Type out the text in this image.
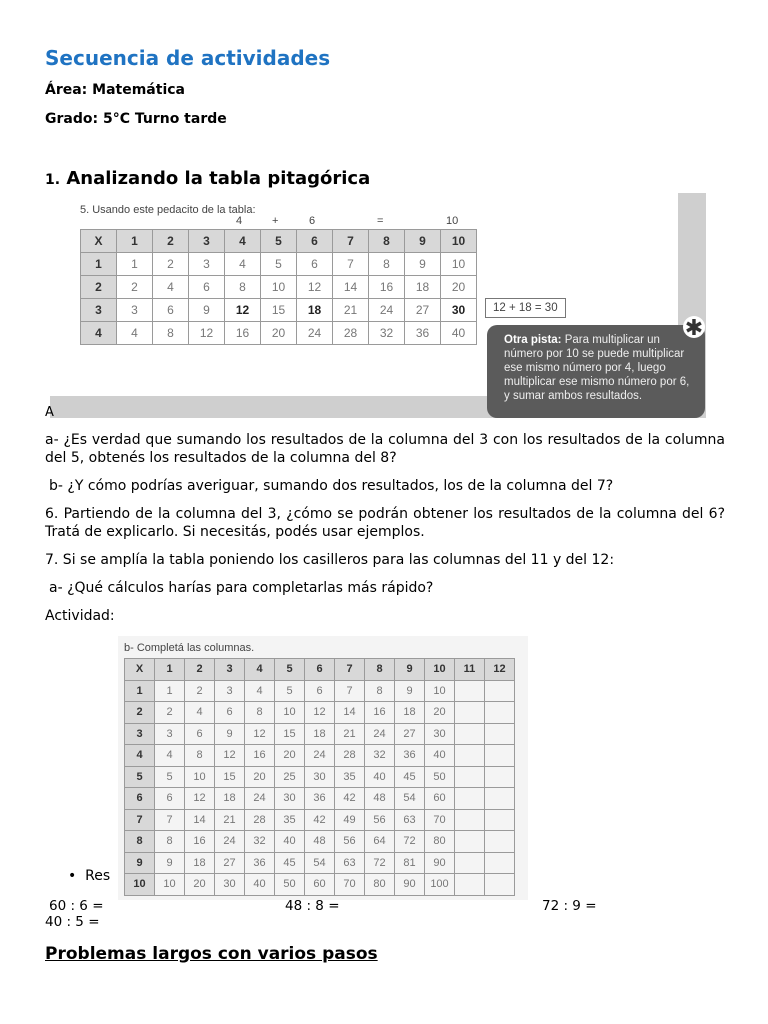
Secuencia de actividades
Área: Matemática
Grado: 5°C Turno tarde
1. Analizando la tabla pitagórica
A
5. Usando este pedacito de la tabla:
4	+	6	=	10
X	1	2	3	4	5	6	7	8	9	10
1	1	2	3	4	5	6	7	8	9	10
2	2	4	6	8	10	12	14	16	18	20
3	3	6	9	12	15	18	21	24	27	30
4	4	8	12	16	20	24	28	32	36	40
12 + 18 = 30
Otra pista: Para multiplicar un número por 10 se puede multiplicar ese mismo número por 4, luego multiplicar ese mismo número por 6, y sumar ambos resultados.
✱
a- ¿Es verdad que sumando los resultados de la columna del 3 con los resultados de la columna del 5, obtenés los resultados de la columna del 8?
b- ¿Y cómo podrías averiguar, sumando dos resultados, los de la columna del 7?
6. Partiendo de la columna del 3, ¿cómo se podrán obtener los resultados de la columna del 6? Tratá de explicarlo. Si necesitás, podés usar ejemplos.
7. Si se amplía la tabla poniendo los casilleros para las columnas del 11 y del 12:
a- ¿Qué cálculos harías para completarlas más rápido?
Actividad:
b- Completá las columnas.
X	1	2	3	4	5	6	7	8	9	10	11	12
1	1	2	3	4	5	6	7	8	9	10		
2	2	4	6	8	10	12	14	16	18	20		
3	3	6	9	12	15	18	21	24	27	30		
4	4	8	12	16	20	24	28	32	36	40		
5	5	10	15	20	25	30	35	40	45	50		
6	6	12	18	24	30	36	42	48	54	60		
7	7	14	21	28	35	42	49	56	63	70		
8	8	16	24	32	40	48	56	64	72	80		
9	9	18	27	36	45	54	63	72	81	90		
10	10	20	30	40	50	60	70	80	90	100		
•  Res
60 : 6 =	48 : 8 =	72 : 9 =
40 : 5 =
Problemas largos con varios pasos
